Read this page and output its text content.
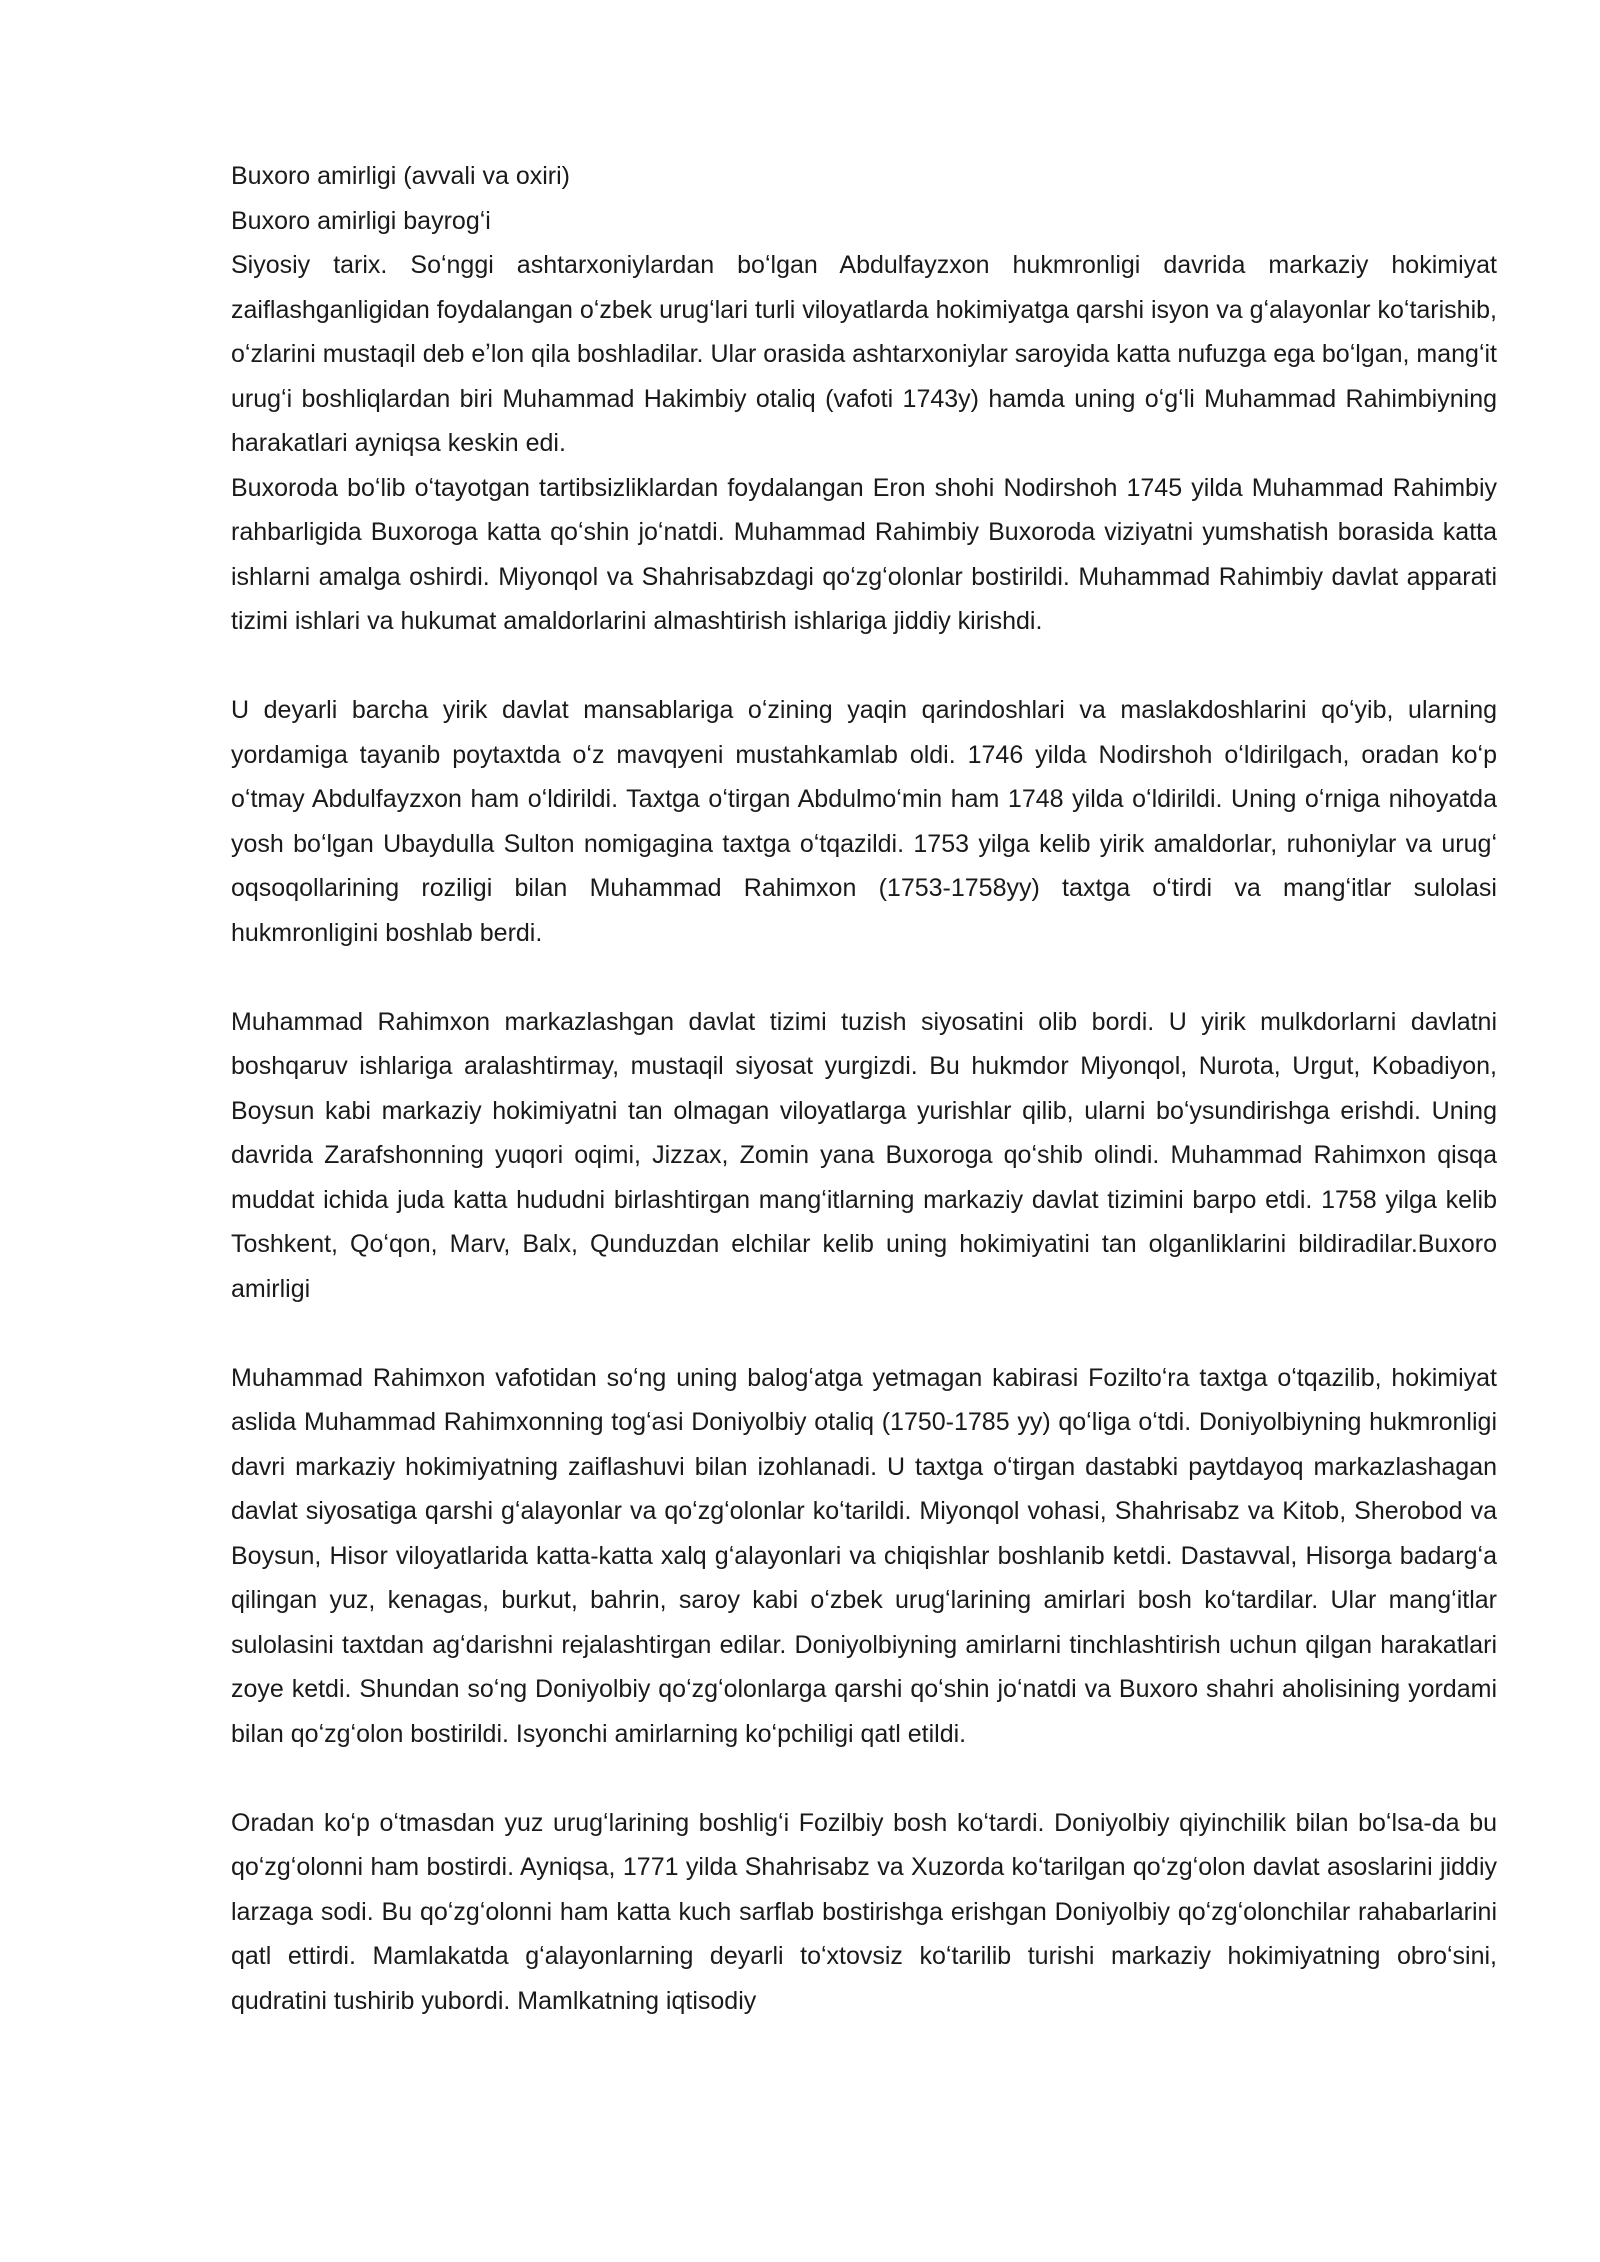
Buxoro amirligi (avvali va oxiri)

Buxoro amirligi bayrogʻi

Siyosiy tarix. Soʻnggi ashtarxoniylardan boʻlgan Abdulfayzxon hukmronligi davrida markaziy hokimiyat zaiflashganligidan foydalangan oʻzbek urugʻlari turli viloyatlarda hokimiyatga qarshi isyon va gʻalayonlar koʻtarishib, oʻzlarini mustaqil deb eʼlon qila boshladilar. Ular orasida ashtarxoniylar saroyida katta nufuzga ega boʻlgan, mangʻit urugʻi boshliqlardan biri Muhammad Hakimbiy otaliq (vafoti 1743y) hamda uning oʻgʻli Muhammad Rahimbiyning harakatlari ayniqsa keskin edi.

Buxoroda boʻlib oʻtayotgan tartibsizliklardan foydalangan Eron shohi Nodirshoh 1745 yilda Muhammad Rahimbiy rahbarligida Buxoroga katta qoʻshin joʻnatdi. Muhammad Rahimbiy Buxoroda viziyatni yumshatish borasida katta ishlarni amalga oshirdi. Miyonqol va Shahrisabzdagi qoʻzgʻolonlar bostirildi. Muhammad Rahimbiy davlat apparati tizimi ishlari va hukumat amaldorlarini almashtirish ishlariga jiddiy kirishdi.

U deyarli barcha yirik davlat mansablariga oʻzining yaqin qarindoshlari va maslakdoshlarini qoʻyib, ularning yordamiga tayanib poytaxtda oʻz mavqyeni mustahkamlab oldi. 1746 yilda Nodirshoh oʻldirilgach, oradan koʻp oʻtmay Abdulfayzxon ham oʻldirildi. Taxtga oʻtirgan Abdulmoʻmin ham 1748 yilda oʻldirildi. Uning oʻrniga nihoyatda yosh boʻlgan Ubaydulla Sulton nomigagina taxtga oʻtqazildi. 1753 yilga kelib yirik amaldorlar, ruhoniylar va urugʻ oqsoqollarining roziligi bilan Muhammad Rahimxon (1753-1758yy) taxtga oʻtirdi va mangʻitlar sulolasi hukmronligini boshlab berdi.

Muhammad Rahimxon markazlashgan davlat tizimi tuzish siyosatini olib bordi. U yirik mulkdorlarni davlatni boshqaruv ishlariga aralashtirmay, mustaqil siyosat yurgizdi. Bu hukmdor Miyonqol, Nurota, Urgut, Kobadiyon, Boysun kabi markaziy hokimiyatni tan olmagan viloyatlarga yurishlar qilib, ularni boʻysundirishga erishdi. Uning davrida Zarafshonning yuqori oqimi, Jizzax, Zomin yana Buxoroga qoʻshib olindi. Muhammad Rahimxon qisqa muddat ichida juda katta hududni birlashtirgan mangʻitlarning markaziy davlat tizimini barpo etdi. 1758 yilga kelib Toshkent, Qoʻqon, Marv, Balx, Qunduzdan elchilar kelib uning hokimiyatini tan olganliklarini bildiradilar.Buxoro amirligi

Muhammad Rahimxon vafotidan soʻng uning balogʻatga yetmagan kabirasi Foziltoʻra taxtga oʻtqazilib, hokimiyat aslida Muhammad Rahimxonning togʻasi Doniyolbiy otaliq (1750-1785 yy) qoʻliga oʻtdi. Doniyolbiyning hukmronligi davri markaziy hokimiyatning zaiflashuvi bilan izohlanadi. U taxtga oʻtirgan dastabki paytdayoq markazlashagan davlat siyosatiga qarshi gʻalayonlar va qoʻzgʻolonlar koʻtarildi. Miyonqol vohasi, Shahrisabz va Kitob, Sherobod va Boysun, Hisor viloyatlarida katta-katta xalq gʻalayonlari va chiqishlar boshlanib ketdi. Dastavval, Hisorga badargʻa qilingan yuz, kenagas, burkut, bahrin, saroy kabi oʻzbek urugʻlarining amirlari bosh koʻtardilar. Ular mangʻitlar sulolasini taxtdan agʻdarishni rejalashtirgan edilar. Doniyolbiyning amirlarni tinchlashtirish uchun qilgan harakatlari zoye ketdi. Shundan soʻng Doniyolbiy qoʻzgʻolonlarga qarshi qoʻshin joʻnatdi va Buxoro shahri aholisining yordami bilan qoʻzgʻolon bostirildi. Isyonchi amirlarning koʻpchiligi qatl etildi.

Oradan koʻp oʻtmasdan yuz urugʻlarining boshligʻi Fozilbiy bosh koʻtardi. Doniyolbiy qiyinchilik bilan boʻlsa-da bu qoʻzgʻolonni ham bostirdi. Ayniqsa, 1771 yilda Shahrisabz va Xuzorda koʻtarilgan qoʻzgʻolon davlat asoslarini jiddiy larzaga sodi. Bu qoʻzgʻolonni ham katta kuch sarflab bostirishga erishgan Doniyolbiy qoʻzgʻolonchilar rahabarlarini qatl ettirdi. Mamlakatda gʻalayonlarning deyarli toʻxtovsiz koʻtarilib turishi markaziy hokimiyatning obroʻsini, qudratini tushirib yubordi. Mamlkatning iqtisodiy
